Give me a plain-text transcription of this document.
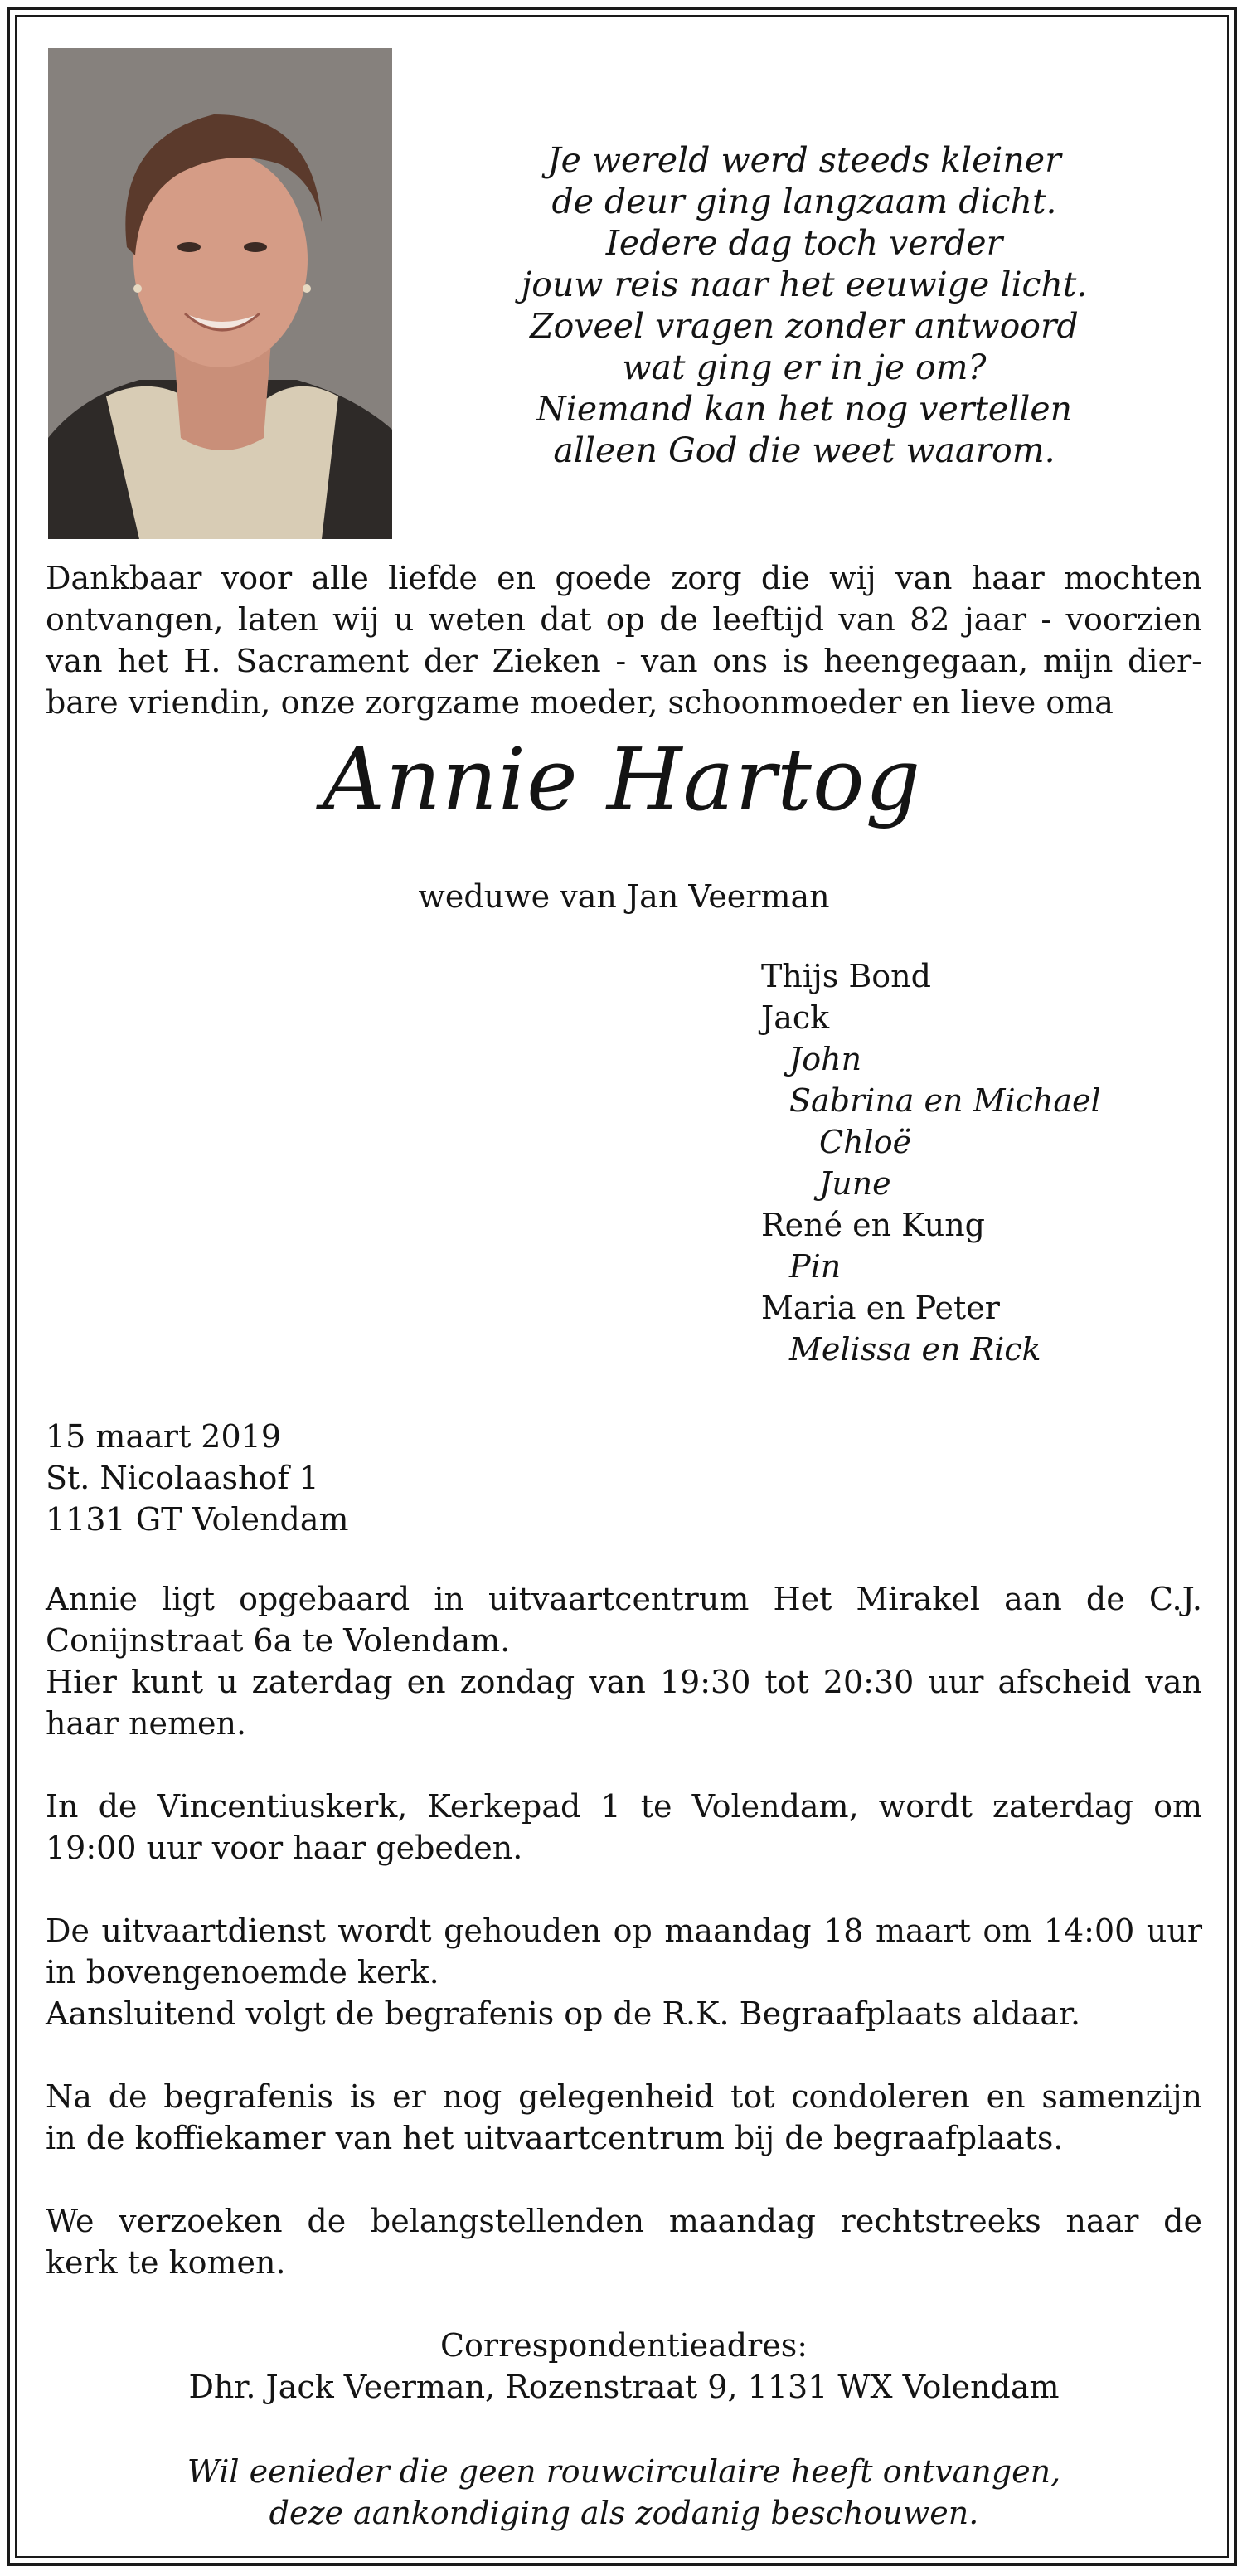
Je wereld werd steeds kleiner
de deur ging langzaam dicht.
Iedere dag toch verder
jouw reis naar het eeuwige licht.
Zoveel vragen zonder antwoord
wat ging er in je om?
Niemand kan het nog vertellen
alleen God die weet waarom.
Dankbaar voor alle liefde en goede zorg die wij van haar mochten
ontvangen, laten wij u weten dat op de leeftijd van 82 jaar - voorzien
van het H. Sacrament der Zieken - van ons is heengegaan, mijn dier-
bare vriendin, onze zorgzame moeder, schoonmoeder en lieve oma
Annie Hartog
weduwe van Jan Veerman
Thijs Bond
Jack
John
Sabrina en Michael
Chloë
June
René en Kung
Pin
Maria en Peter
Melissa en Rick
15 maart 2019
St. Nicolaashof 1
1131 GT Volendam
Annie ligt opgebaard in uitvaartcentrum Het Mirakel aan de C.J.
Conijnstraat 6a te Volendam.
Hier kunt u zaterdag en zondag van 19:30 tot 20:30 uur afscheid van
haar nemen.
In de Vincentiuskerk, Kerkepad 1 te Volendam, wordt zaterdag om
19:00 uur voor haar gebeden.
De uitvaartdienst wordt gehouden op maandag 18 maart om 14:00 uur
in bovengenoemde kerk.
Aansluitend volgt de begrafenis op de R.K. Begraafplaats aldaar.
Na de begrafenis is er nog gelegenheid tot condoleren en samenzijn
in de koffiekamer van het uitvaartcentrum bij de begraafplaats.
We verzoeken de belangstellenden maandag rechtstreeks naar de
kerk te komen.
Correspondentieadres:
Dhr. Jack Veerman, Rozenstraat 9, 1131 WX Volendam
Wil eenieder die geen rouwcirculaire heeft ontvangen,
deze aankondiging als zodanig beschouwen.
